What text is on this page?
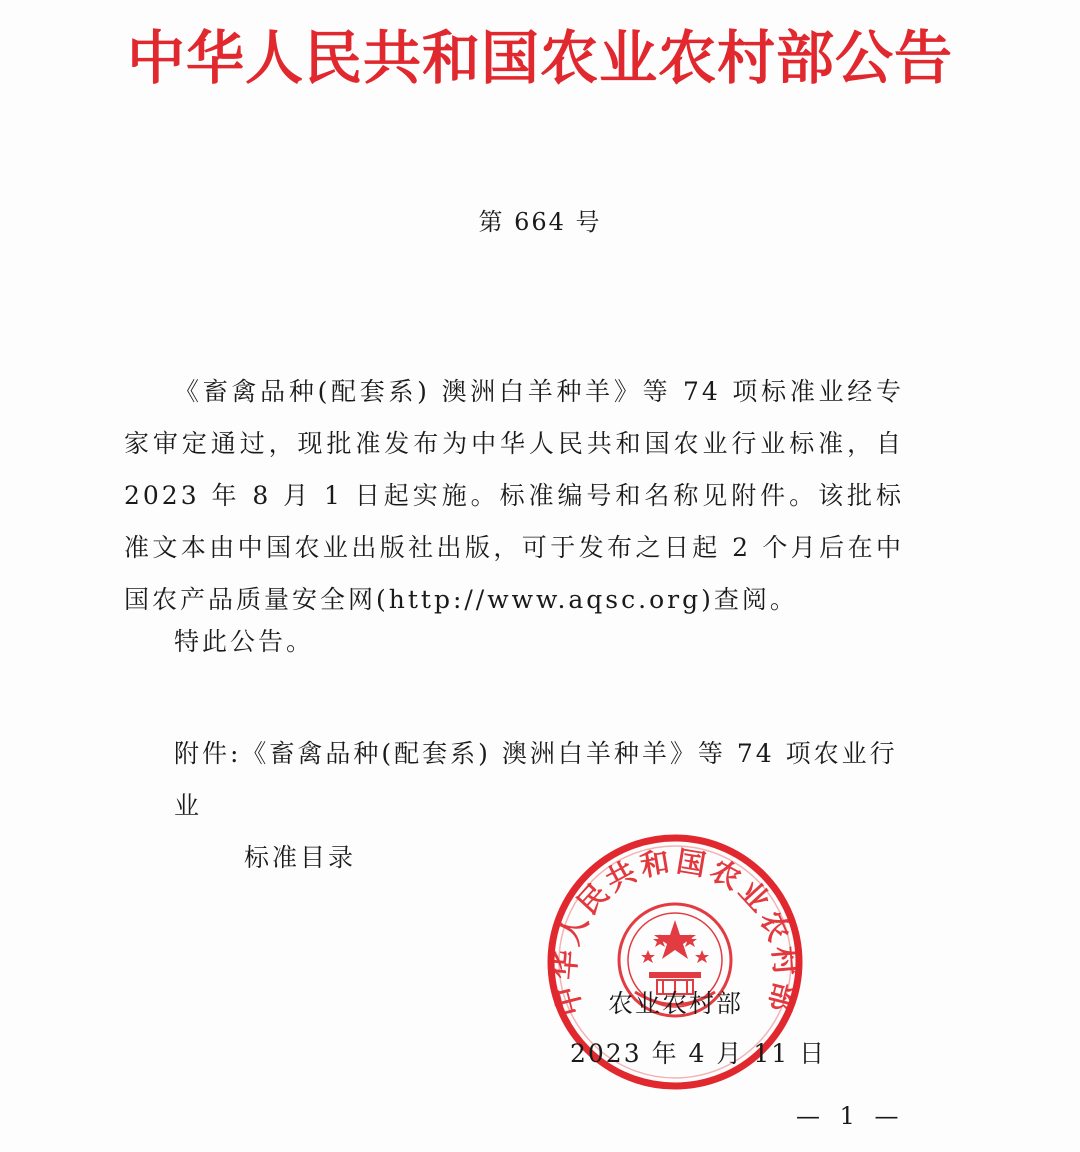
中华人民共和国农业农村部公告
第 664 号

《畜禽品种(配套系) 澳洲白羊种羊》等 74 项标准业经专家审定通过，现批准发布为中华人民共和国农业行业标准，自 2023 年 8 月 1 日起实施。标准编号和名称见附件。该批标准文本由中国农业出版社出版，可于发布之日起 2 个月后在中国农产品质量安全网(http://www.aqsc.org)查阅。

特此公告。
附件:《畜禽品种(配套系) 澳洲白羊种羊》等 74 项农业行业
标准目录
中华人民共和国农业农村部
农业农村部
2023 年 4 月 11 日
— 1 —
